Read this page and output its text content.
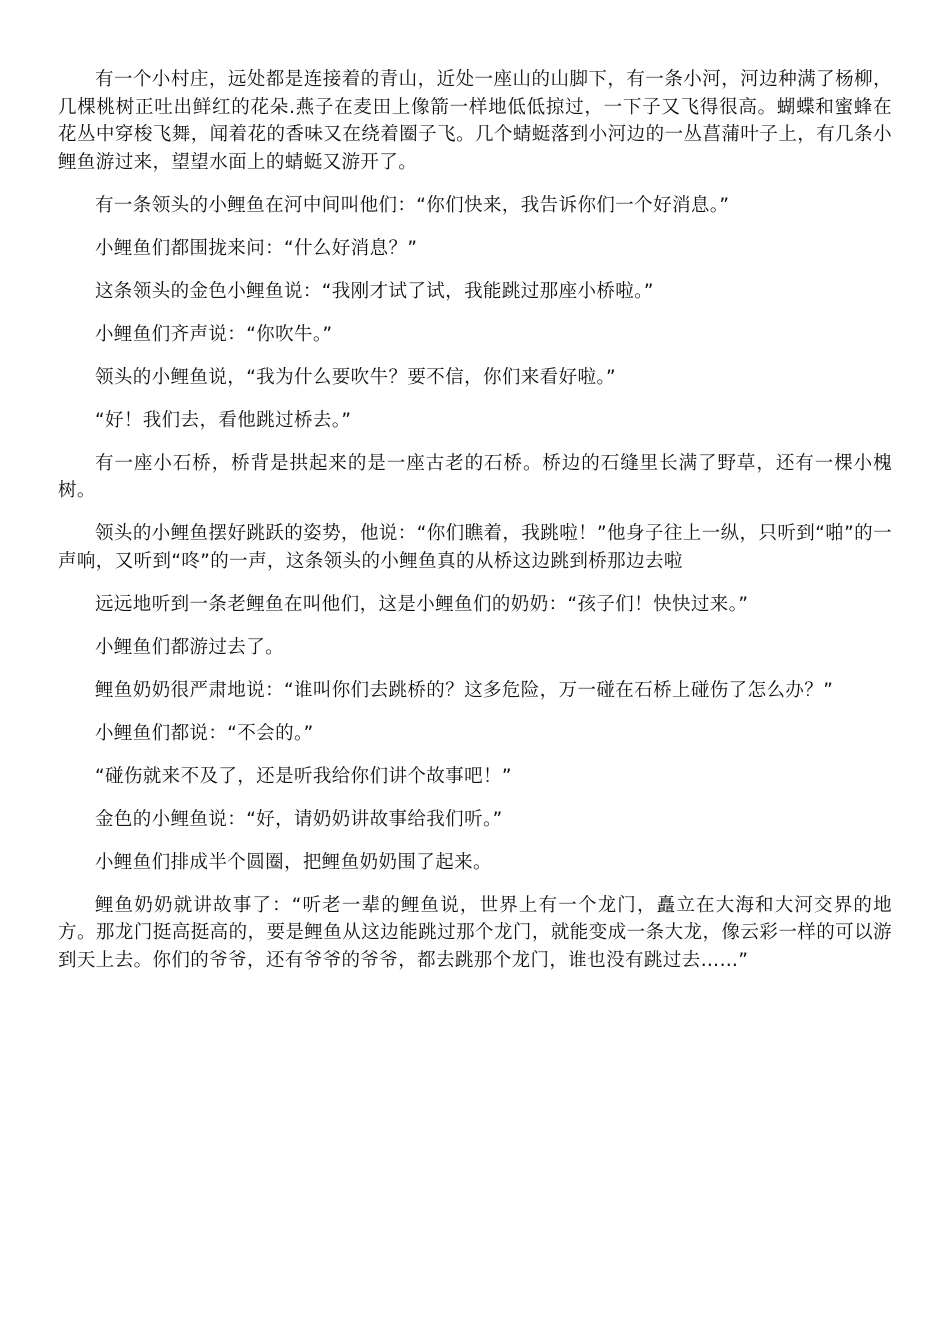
有一个小村庄，远处都是连接着的青山，近处一座山的山脚下，有一条小河，河边种满了杨柳，几棵桃树正吐出鲜红的花朵.燕子在麦田上像箭一样地低低掠过，一下子又飞得很高。蝴蝶和蜜蜂在花丛中穿梭飞舞，闻着花的香味又在绕着圈子飞。几个蜻蜓落到小河边的一丛菖蒲叶子上，有几条小鲤鱼游过来，望望水面上的蜻蜓又游开了。

有一条领头的小鲤鱼在河中间叫他们：“你们快来，我告诉你们一个好消息。”

小鲤鱼们都围拢来问：“什么好消息？”

这条领头的金色小鲤鱼说：“我刚才试了试，我能跳过那座小桥啦。”

小鲤鱼们齐声说：“你吹牛。”

领头的小鲤鱼说，“我为什么要吹牛？要不信，你们来看好啦。”

“好！我们去，看他跳过桥去。”

有一座小石桥，桥背是拱起来的是一座古老的石桥。桥边的石缝里长满了野草，还有一棵小槐树。

领头的小鲤鱼摆好跳跃的姿势，他说：“你们瞧着，我跳啦！”他身子往上一纵，只听到“啪”的一声响，又听到“咚”的一声，这条领头的小鲤鱼真的从桥这边跳到桥那边去啦

远远地听到一条老鲤鱼在叫他们，这是小鲤鱼们的奶奶：“孩子们！快快过来。”

小鲤鱼们都游过去了。

鲤鱼奶奶很严肃地说：“谁叫你们去跳桥的？这多危险，万一碰在石桥上碰伤了怎么办？”

小鲤鱼们都说：“不会的。”

“碰伤就来不及了，还是听我给你们讲个故事吧！”

金色的小鲤鱼说：“好，请奶奶讲故事给我们听。”

小鲤鱼们排成半个圆圈，把鲤鱼奶奶围了起来。

鲤鱼奶奶就讲故事了：“听老一辈的鲤鱼说，世界上有一个龙门，矗立在大海和大河交界的地方。那龙门挺高挺高的，要是鲤鱼从这边能跳过那个龙门，就能变成一条大龙，像云彩一样的可以游到天上去。你们的爷爷，还有爷爷的爷爷，都去跳那个龙门，谁也没有跳过去……”
